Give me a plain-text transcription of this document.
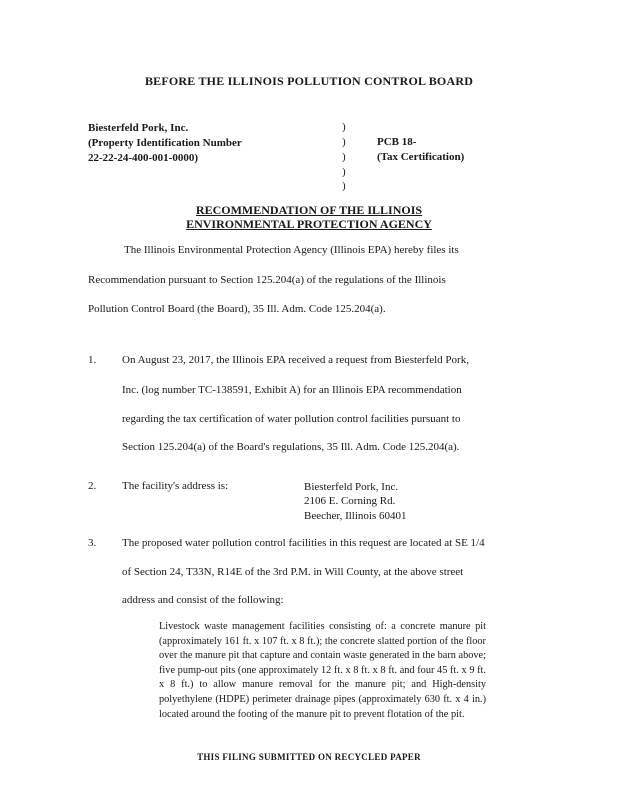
BEFORE THE ILLINOIS POLLUTION CONTROL BOARD
Biesterfeld Pork, Inc.
(Property Identification Number
22-22-24-400-001-0000)
)
)
)
)
)
PCB 18-
(Tax Certification)
RECOMMENDATION OF THE ILLINOIS
ENVIRONMENTAL PROTECTION AGENCY
The Illinois Environmental Protection Agency (Illinois EPA) hereby files its
Recommendation pursuant to Section 125.204(a) of the regulations of the Illinois
Pollution Control Board (the Board), 35 Ill. Adm. Code 125.204(a).
1. On August 23, 2017, the Illinois EPA received a request from Biesterfeld Pork,
Inc. (log number TC-138591, Exhibit A) for an Illinois EPA recommendation
regarding the tax certification of water pollution control facilities pursuant to
Section 125.204(a) of the Board's regulations, 35 Ill. Adm. Code 125.204(a).
2. The facility's address is:	Biesterfeld Pork, Inc.
2106 E. Corning Rd.
Beecher, Illinois 60401
3. The proposed water pollution control facilities in this request are located at SE 1/4
of Section 24, T33N, R14E of the 3rd P.M. in Will County, at the above street
address and consist of the following:
Livestock waste management facilities consisting of: a concrete manure pit (approximately 161 ft. x 107 ft. x 8 ft.); the concrete slatted portion of the floor over the manure pit that capture and contain waste generated in the barn above; five pump-out pits (one approximately 12 ft. x 8 ft. x 8 ft. and four 45 ft. x 9 ft. x 8 ft.) to allow manure removal for the manure pit; and High-density polyethylene (HDPE) perimeter drainage pipes (approximately 630 ft. x 4 in.) located around the footing of the manure pit to prevent flotation of the pit.
THIS FILING SUBMITTED ON RECYCLED PAPER
